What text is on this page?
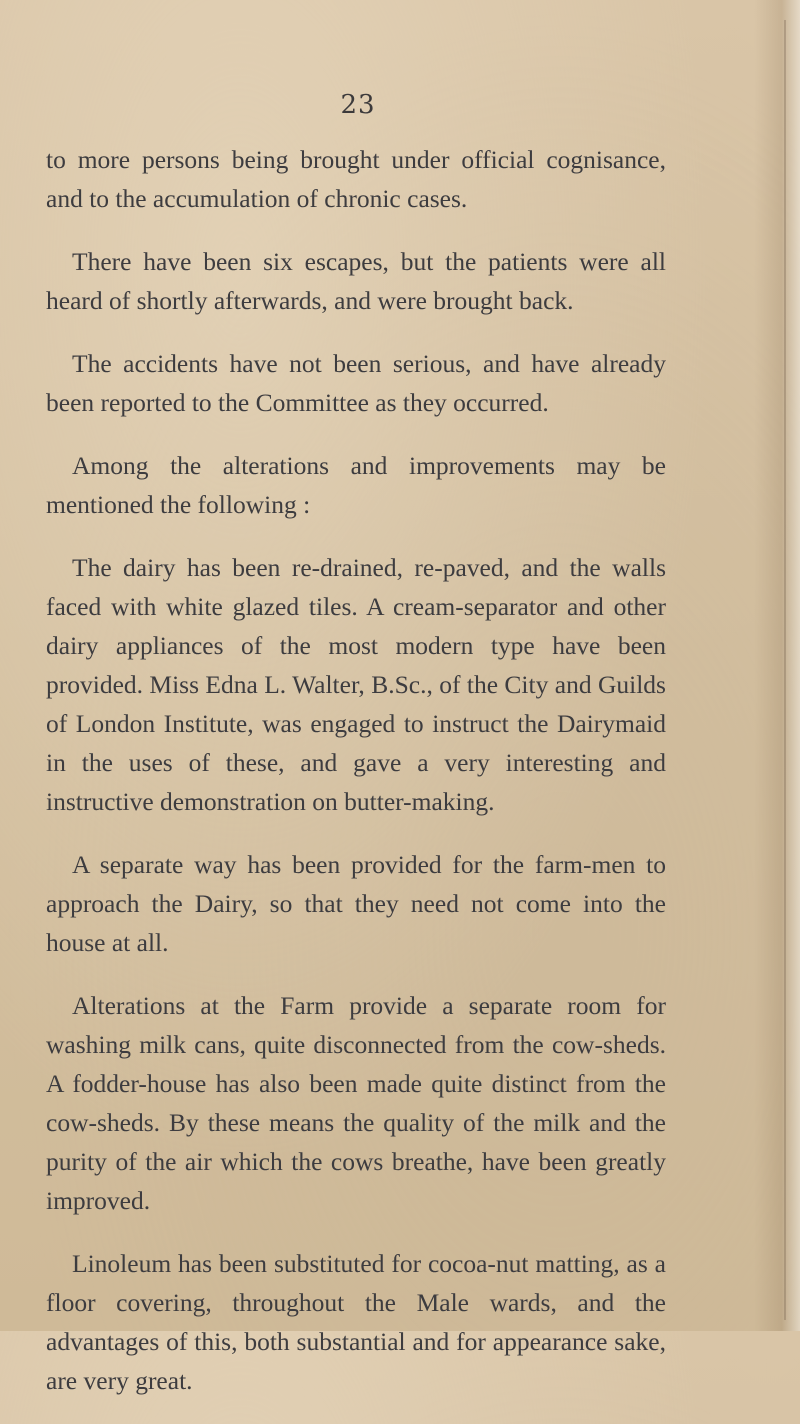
23

to more persons being brought under official cognisance, and to the accumulation of chronic cases.

There have been six escapes, but the patients were all heard of shortly afterwards, and were brought back.

The accidents have not been serious, and have already been reported to the Committee as they occurred.

Among the alterations and improvements may be mentioned the following :

The dairy has been re-drained, re-paved, and the walls faced with white glazed tiles. A cream-separator and other dairy appliances of the most modern type have been provided. Miss Edna L. Walter, B.Sc., of the City and Guilds of London Institute, was engaged to instruct the Dairymaid in the uses of these, and gave a very interesting and instructive demonstration on butter-making.

A separate way has been provided for the farm-men to approach the Dairy, so that they need not come into the house at all.

Alterations at the Farm provide a separate room for washing milk cans, quite disconnected from the cow-sheds. A fodder-house has also been made quite distinct from the cow-sheds. By these means the quality of the milk and the purity of the air which the cows breathe, have been greatly improved.

Linoleum has been substituted for cocoa-nut matting, as a floor covering, throughout the Male wards, and the advantages of this, both substantial and for appearance sake, are very great.
